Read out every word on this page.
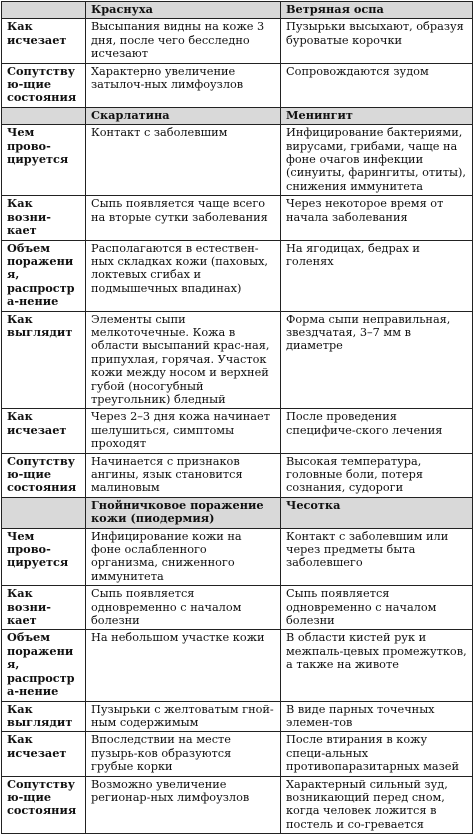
	Краснуха	Ветряная оспа
Как исчезает	Высыпания видны на коже 3 дня, после чего бесследно исчезают	Пузырьки высыхают, образуя буроватые корочки
Сопутствую-щие состояния	Характерно увеличение затылоч-ных лимфоузлов	Сопровождаются зудом
	Скарлатина	Менингит
Чем прово-цируется	Контакт с заболевшим	Инфицирование бактериями, вирусами, грибами, чаще на фоне очагов инфекции (синуиты, фарингиты, отиты), снижения иммунитета
Как возни-кает	Сыпь появляется чаще всего на вторые сутки заболевания	Через некоторое время от начала заболевания
Объем поражения, распростра-нение	Располагаются в естествен-ных складках кожи (паховых, локтевых сгибах и подмышечных впадинах)	На ягодицах, бедрах и голенях
Как выглядит	Элементы сыпи мелкоточечные. Кожа в области высыпаний крас-ная, припухлая, горячая. Участок кожи между носом и верхней губой (носогубный треугольник) бледный	Форма сыпи неправильная, звездчатая, 3–7 мм в диаметре
Как исчезает	Через 2–3 дня кожа начинает шелушиться, симптомы проходят	После проведения специфиче-ского лечения
Сопутствую-щие состояния	Начинается с признаков ангины, язык становится малиновым	Высокая температура, головные боли, потеря сознания, судороги
	Гнойничковое поражение кожи (пиодермия)	Чесотка
Чем прово-цируется	Инфицирование кожи на фоне ослабленного организма, сниженного иммунитета	Контакт с заболевшим или через предметы быта заболевшего
Как возни-кает	Сыпь появляется одновременно с началом болезни	Сыпь появляется одновременно с началом болезни
Объем поражения, распростра-нение	На небольшом участке кожи	В области кистей рук и межпаль-цевых промежутков, а также на животе
Как выглядит	Пузырьки с желтоватым гной-ным содержимым	В виде парных точечных элемен-тов
Как исчезает	Впоследствии на месте пузырь-ков образуются грубые корки	После втирания в кожу специ-альных противопаразитарных мазей
Сопутствую-щие состояния	Возможно увеличение регионар-ных лимфоузлов	Характерный сильный зуд, возникающий перед сном, когда человек ложится в постель и со-гревается
